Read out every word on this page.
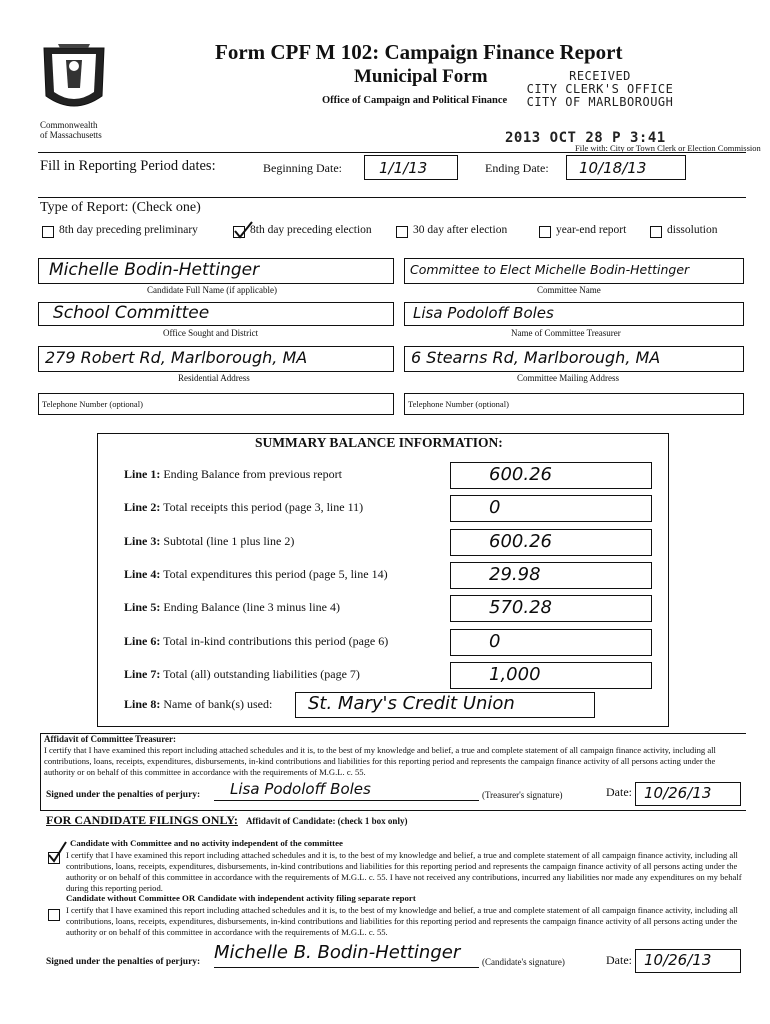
Commonwealth
of Massachusetts
Form CPF M 102: Campaign Finance Report
Municipal Form
Office of Campaign and Political Finance
RECEIVED
CITY CLERK'S OFFICE
CITY OF MARLBOROUGH
2013 OCT 28 P 3:41
File with: City or Town Clerk or Election Commission
Fill in Reporting Period dates:	Beginning Date: 1/1/13	Ending Date: 10/18/13
Type of Report: (Check one)
8th day preceding preliminary	8th day preceding election	30 day after election	year-end report	dissolution
Michelle Bodin-Hettinger
Candidate Full Name (if applicable)
Committee to Elect Michelle Bodin-Hettinger
Committee Name
School Committee
Office Sought and District
Lisa Podoloff Boles
Name of Committee Treasurer
279 Robert Rd, Marlborough, MA
Residential Address
6 Stearns Rd, Marlborough, MA
Committee Mailing Address
Telephone Number (optional)	Telephone Number (optional)
SUMMARY BALANCE INFORMATION:
Line 1: Ending Balance from previous report	600.26
Line 2: Total receipts this period (page 3, line 11)	0
Line 3: Subtotal (line 1 plus line 2)	600.26
Line 4: Total expenditures this period (page 5, line 14)	29.98
Line 5: Ending Balance (line 3 minus line 4)	570.28
Line 6: Total in-kind contributions this period (page 6)	0
Line 7: Total (all) outstanding liabilities (page 7)	1,000
Line 8: Name of bank(s) used: St. Mary's Credit Union
Affidavit of Committee Treasurer:
I certify that I have examined this report including attached schedules and it is, to the best of my knowledge and belief, a true and complete statement of all campaign finance activity, including all contributions, loans, receipts, expenditures, disbursements, in-kind contributions and liabilities for this reporting period and represents the campaign finance activity of all persons acting under the authority or on behalf of this committee in accordance with the requirements of M.G.L. c. 55.
Signed under the penalties of perjury: Lisa Podoloff Boles	(Treasurer's signature)	Date: 10/26/13
FOR CANDIDATE FILINGS ONLY: Affidavit of Candidate: (check 1 box only)
Candidate with Committee and no activity independent of the committee
I certify that I have examined this report including attached schedules and it is, to the best of my knowledge and belief, a true and complete statement of all campaign finance activity, including all contributions, loans, receipts, expenditures, disbursements, in-kind contributions and liabilities for this reporting period and represents the campaign finance activity of all persons acting under the authority or on behalf of this committee in accordance with the requirements of M.G.L. c. 55. I have not received any contributions, incurred any liabilities nor made any expenditures on my behalf during this reporting period.
Candidate without Committee OR Candidate with independent activity filing separate report
I certify that I have examined this report including attached schedules and it is, to the best of my knowledge and belief, a true and complete statement of all campaign finance activity, including all contributions, loans, receipts, expenditures, disbursements, in-kind contributions and liabilities for this reporting period and represents the campaign finance activity of all persons acting under the authority or on behalf of this committee in accordance with the requirements of M.G.L. c. 55.
Signed under the penalties of perjury: Michelle B. Bodin-Hettinger (Candidate's signature)	Date: 10/26/13
